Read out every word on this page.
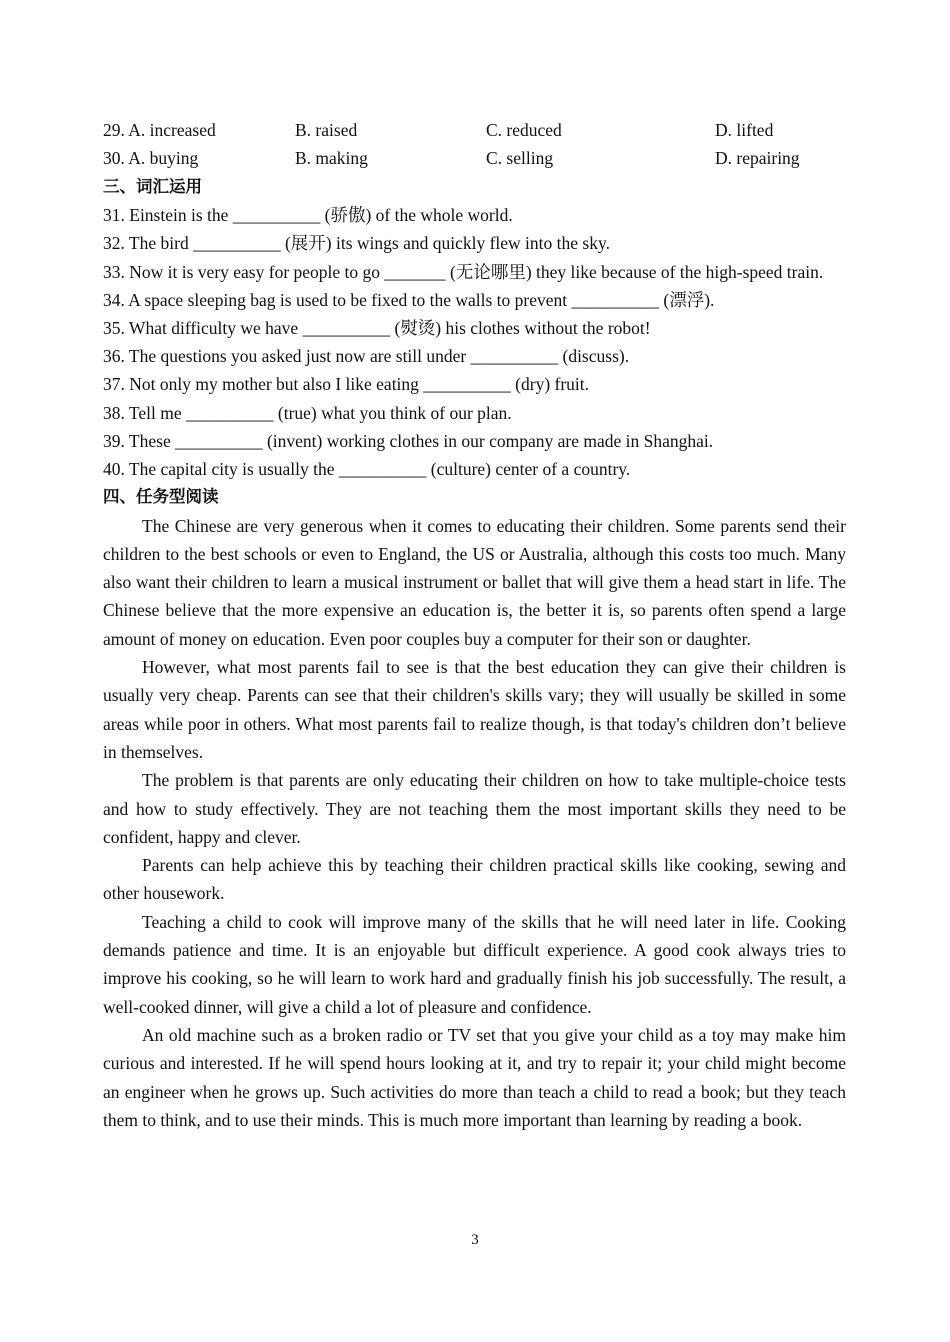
29. A. increased	B. raised	C. reduced	D. lifted
30. A. buying	B. making	C. selling	D. repairing
三、词汇运用
31. Einstein is the __________ (骄傲) of the whole world.
32. The bird __________ (展开) its wings and quickly flew into the sky.
33. Now it is very easy for people to go _______ (无论哪里) they like because of the high-speed train.
34. A space sleeping bag is used to be fixed to the walls to prevent __________ (漂浮).
35. What difficulty we have __________ (熨烫) his clothes without the robot!
36. The questions you asked just now are still under __________ (discuss).
37. Not only my mother but also I like eating __________ (dry) fruit.
38. Tell me __________ (true) what you think of our plan.
39. These __________ (invent) working clothes in our company are made in Shanghai.
40. The capital city is usually the __________ (culture) center of a country.
四、任务型阅读
The Chinese are very generous when it comes to educating their children. Some parents send their children to the best schools or even to England, the US or Australia, although this costs too much. Many also want their children to learn a musical instrument or ballet that will give them a head start in life. The Chinese believe that the more expensive an education is, the better it is, so parents often spend a large amount of money on education. Even poor couples buy a computer for their son or daughter.
However, what most parents fail to see is that the best education they can give their children is usually very cheap. Parents can see that their children's skills vary; they will usually be skilled in some areas while poor in others. What most parents fail to realize though, is that today's children don’t believe in themselves.
The problem is that parents are only educating their children on how to take multiple-choice tests and how to study effectively. They are not teaching them the most important skills they need to be confident, happy and clever.
Parents can help achieve this by teaching their children practical skills like cooking, sewing and other housework.
Teaching a child to cook will improve many of the skills that he will need later in life. Cooking demands patience and time. It is an enjoyable but difficult experience. A good cook always tries to improve his cooking, so he will learn to work hard and gradually finish his job successfully. The result, a well-cooked dinner, will give a child a lot of pleasure and confidence.
An old machine such as a broken radio or TV set that you give your child as a toy may make him curious and interested. If he will spend hours looking at it, and try to repair it; your child might become an engineer when he grows up. Such activities do more than teach a child to read a book; but they teach them to think, and to use their minds. This is much more important than learning by reading a book.
3
